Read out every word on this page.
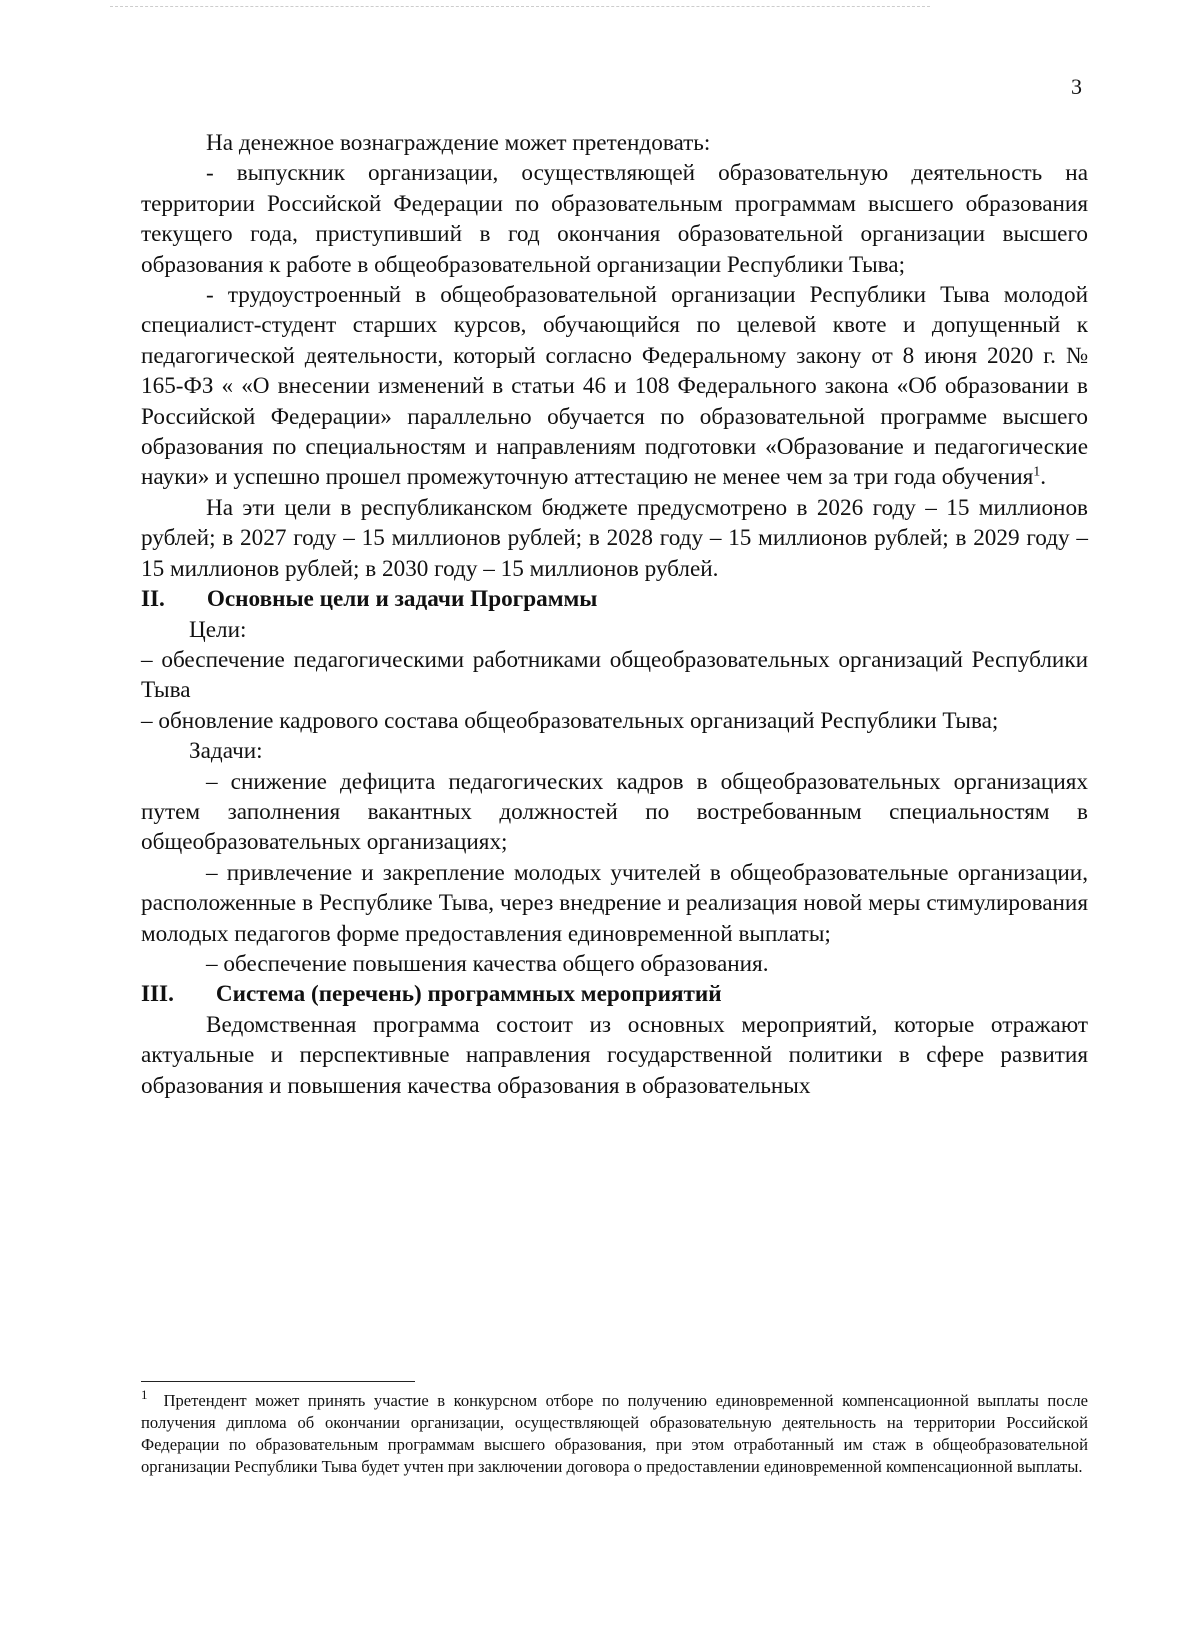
3

На денежное вознаграждение может претендовать:

- выпускник организации, осуществляющей образовательную деятельность на территории Российской Федерации по образовательным программам высшего образования текущего года, приступивший в год окончания образовательной организации высшего образования к работе в общеобразовательной организации Республики Тыва;

- трудоустроенный в общеобразовательной организации Республики Тыва молодой специалист-студент старших курсов, обучающийся по целевой квоте и допущенный к педагогической деятельности, который согласно Федеральному закону от 8 июня 2020 г. № 165-ФЗ « «О внесении изменений в статьи 46 и 108 Федерального закона «Об образовании в Российской Федерации» параллельно обучается по образовательной программе высшего образования по специальностям и направлениям подготовки «Образование и педагогические науки» и успешно прошел промежуточную аттестацию не менее чем за три года обучения$^1$.

На эти цели в республиканском бюджете предусмотрено в 2026 году – 15 миллионов рублей; в 2027 году – 15 миллионов рублей; в 2028 году – 15 миллионов рублей; в 2029 году – 15 миллионов рублей; в 2030 году – 15 миллионов рублей.

II. Основные цели и задачи Программы

Цели:

– обеспечение педагогическими работниками общеобразовательных организаций Республики Тыва

– обновление кадрового состава общеобразовательных организаций Республики Тыва;

Задачи:

– снижение дефицита педагогических кадров в общеобразовательных организациях путем заполнения вакантных должностей по востребованным специальностям в общеобразовательных организациях;

– привлечение и закрепление молодых учителей в общеобразовательные организации, расположенные в Республике Тыва, через внедрение и реализация новой меры стимулирования молодых педагогов форме предоставления единовременной выплаты;

– обеспечение повышения качества общего образования.

III. Система (перечень) программных мероприятий

Ведомственная программа состоит из основных мероприятий, которые отражают актуальные и перспективные направления государственной политики в сфере развития образования и повышения качества образования в образовательных

$^1$ Претендент может принять участие в конкурсном отборе по получению единовременной компенсационной выплаты после получения диплома об окончании организации, осуществляющей образовательную деятельность на территории Российской Федерации по образовательным программам высшего образования, при этом отработанный им стаж в общеобразовательной организации Республики Тыва будет учтен при заключении договора о предоставлении единовременной компенсационной выплаты.
